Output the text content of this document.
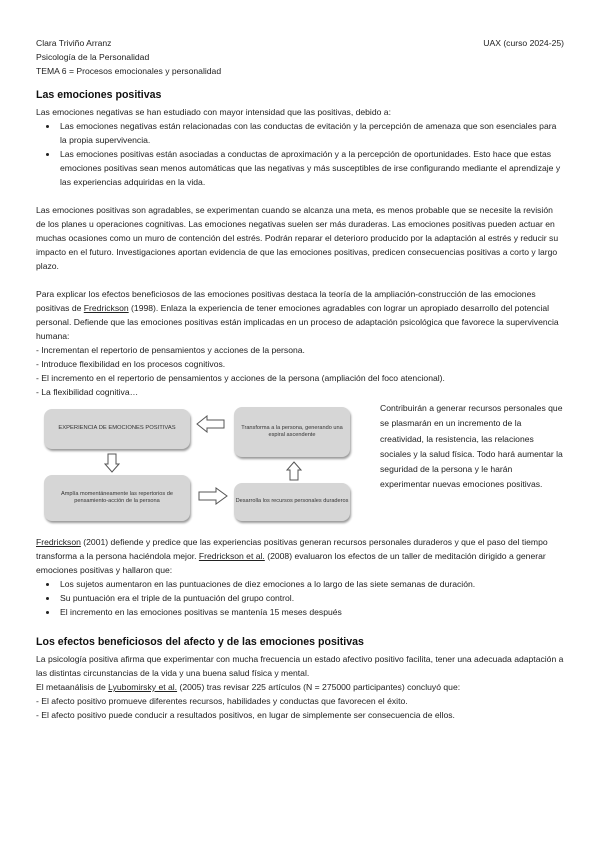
Clara Triviño Arranz
Psicología de la Personalidad
TEMA 6 = Procesos emocionales y personalidad
UAX (curso 2024-25)
Las emociones positivas

Las emociones negativas se han estudiado con mayor intensidad que las positivas, debido a:

• Las emociones negativas están relacionadas con las conductas de evitación y la percepción de amenaza que son esenciales para la propia supervivencia.
• Las emociones positivas están asociadas a conductas de aproximación y a la percepción de oportunidades. Esto hace que estas emociones positivas sean menos automáticas que las negativas y más susceptibles de irse configurando mediante el aprendizaje y las experiencias adquiridas en la vida.

Las emociones positivas son agradables, se experimentan cuando se alcanza una meta, es menos probable que se necesite la revisión de los planes u operaciones cognitivas. Las emociones negativas suelen ser más duraderas. Las emociones positivas pueden actuar en muchas ocasiones como un muro de contención del estrés. Podrán reparar el deterioro producido por la adaptación al estrés y reducir su impacto en el futuro. Investigaciones aportan evidencia de que las emociones positivas, predicen consecuencias positivas a corto y largo plazo.

Para explicar los efectos beneficiosos de las emociones positivas destaca la teoría de la ampliación-construcción de las emociones positivas de Fredrickson (1998). Enlaza la experiencia de tener emociones agradables con lograr un apropiado desarrollo del potencial personal. Defiende que las emociones positivas están implicadas en un proceso de adaptación psicológica que favorece la supervivencia humana:

- Incrementan el repertorio de pensamientos y acciones de la persona.
- Introduce flexibilidad en los procesos cognitivos.
- El incremento en el repertorio de pensamientos y acciones de la persona (ampliación del foco atencional).
- La flexibilidad cognitiva…
EXPERIENCIA DE EMOCIONES POSITIVAS	Transforma a la persona, generando una espiral ascendente
Amplía momentáneamente las repertorios de pensamiento-acción de la persona	Desarrolla los recursos personales duraderos
Contribuirán a generar recursos personales que se plasmarán en un incremento de la creatividad, la resistencia, las relaciones sociales y la salud física. Todo hará aumentar la seguridad de la persona y le harán experimentar nuevas emociones positivas.

Fredrickson (2001) defiende y predice que las experiencias positivas generan recursos personales duraderos y que el paso del tiempo transforma a la persona haciéndola mejor. Fredrickson et al. (2008) evaluaron los efectos de un taller de meditación dirigido a generar emociones positivas y hallaron que:

• Los sujetos aumentaron en las puntuaciones de diez emociones a lo largo de las siete semanas de duración.
• Su puntuación era el triple de la puntuación del grupo control.
• El incremento en las emociones positivas se mantenía 15 meses después
Los efectos beneficiosos del afecto y de las emociones positivas

La psicología positiva afirma que experimentar con mucha frecuencia un estado afectivo positivo facilita, tener una adecuada adaptación a las distintas circunstancias de la vida y una buena salud física y mental.

El metaanálisis de Lyubomirsky et al. (2005) tras revisar 225 artículos (N = 275000 participantes) concluyó que:

- El afecto positivo promueve diferentes recursos, habilidades y conductas que favorecen el éxito.
- El afecto positivo puede conducir a resultados positivos, en lugar de simplemente ser consecuencia de ellos.
